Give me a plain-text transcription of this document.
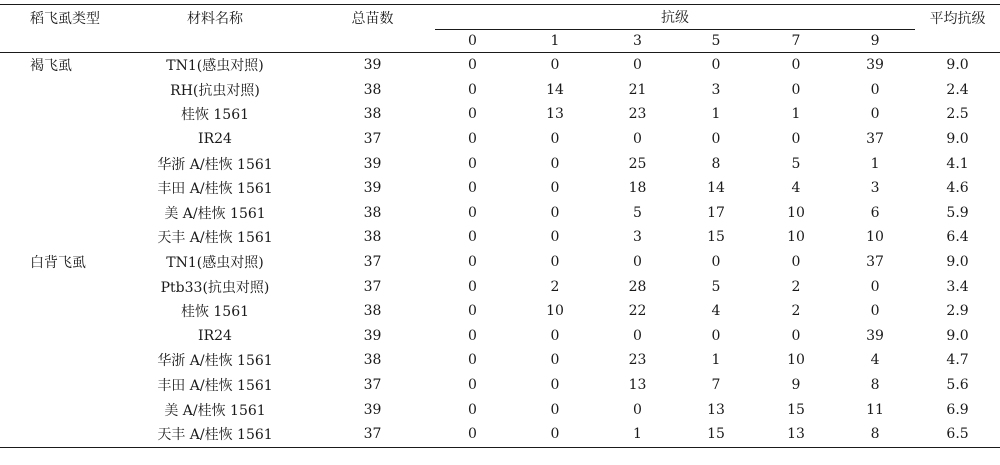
稻飞虱类型	材料名称	总苗数	抗级						平均抗级
			0	1	3	5	7	9	
褐飞虱	TN1(感虫对照)	39	0	0	0	0	0	39	9.0
	RH(抗虫对照)	38	0	14	21	3	0	0	2.4
	桂恢 1561	38	0	13	23	1	1	0	2.5
	IR24	37	0	0	0	0	0	37	9.0
	华浙 A/桂恢 1561	39	0	0	25	8	5	1	4.1
	丰田 A/桂恢 1561	39	0	0	18	14	4	3	4.6
	美 A/桂恢 1561	38	0	0	5	17	10	6	5.9
	天丰 A/桂恢 1561	38	0	0	3	15	10	10	6.4
白背飞虱	TN1(感虫对照)	37	0	0	0	0	0	37	9.0
	Ptb33(抗虫对照)	37	0	2	28	5	2	0	3.4
	桂恢 1561	38	0	10	22	4	2	0	2.9
	IR24	39	0	0	0	0	0	39	9.0
	华浙 A/桂恢 1561	38	0	0	23	1	10	4	4.7
	丰田 A/桂恢 1561	37	0	0	13	7	9	8	5.6
	美 A/桂恢 1561	39	0	0	0	13	15	11	6.9
	天丰 A/桂恢 1561	37	0	0	1	15	13	8	6.5
